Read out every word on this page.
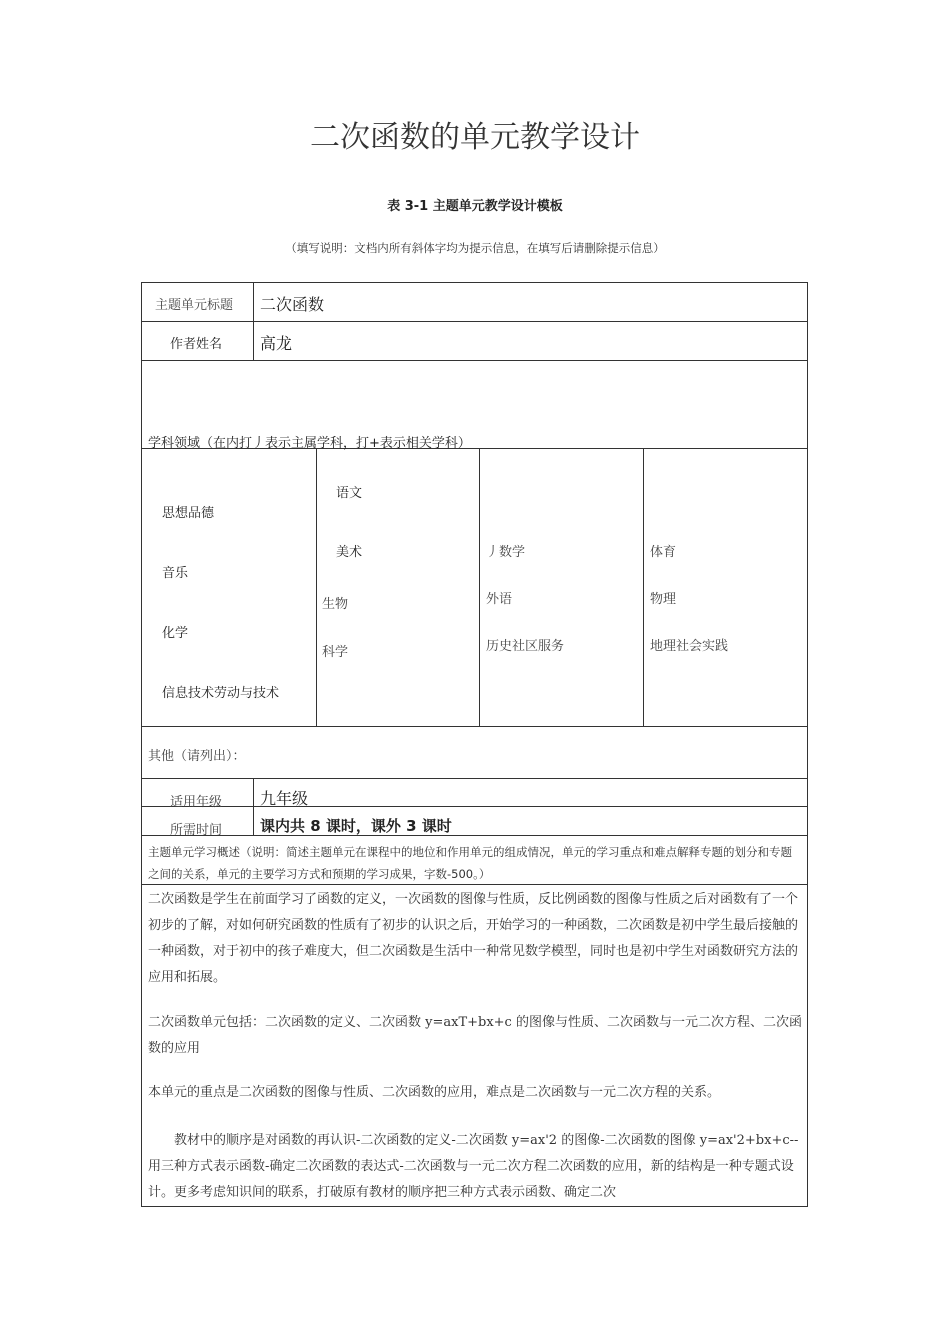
二次函数的单元教学设计
表 3-1 主题单元教学设计模板
（填写说明：文档内所有斜体字均为提示信息，在填写后请删除提示信息）
主题单元标题 二次函数
作者姓名 高龙
学科领域（在内打丿表示主属学科，打+表示相关学科）
思想品德
音乐
化学
信息技术劳动与技术
语文
美术
生物
科学
丿数学
外语
历史社区服务
体育
物理
地理社会实践
其他（请列出）：
适用年级 九年级
所需时间	课内共 8 课时，课外 3 课时
主题单元学习概述（说明：简述主题单元在课程中的地位和作用单元的组成情况，单元的学习重点和难点解释专题的划分和专题之间的关系，单元的主要学习方式和预期的学习成果，字数-500。）
二次函数是学生在前面学习了函数的定义，一次函数的图像与性质，反比例函数的图像与性质之后对函数有了一个初步的了解，对如何研究函数的性质有了初步的认识之后，开始学习的一种函数，二次函数是初中学生最后接触的一种函数，对于初中的孩子难度大，但二次函数是生活中一种常见数学模型，同时也是初中学生对函数研究方法的应用和拓展。
二次函数单元包括：二次函数的定义、二次函数 y=axT+bx+c 的图像与性质、二次函数与一元二次方程、二次函数的应用
本单元的重点是二次函数的图像与性质、二次函数的应用，难点是二次函数与一元二次方程的关系。
教材中的顺序是对函数的再认识-二次函数的定义-二次函数 y=ax'2 的图像-二次函数的图像 y=ax'2+bx+c--用三种方式表示函数-确定二次函数的表达式-二次函数与一元二次方程二次函数的应用，新的结构是一种专题式设计。更多考虑知识间的联系，打破原有教材的顺序把三种方式表示函数、确定二次
